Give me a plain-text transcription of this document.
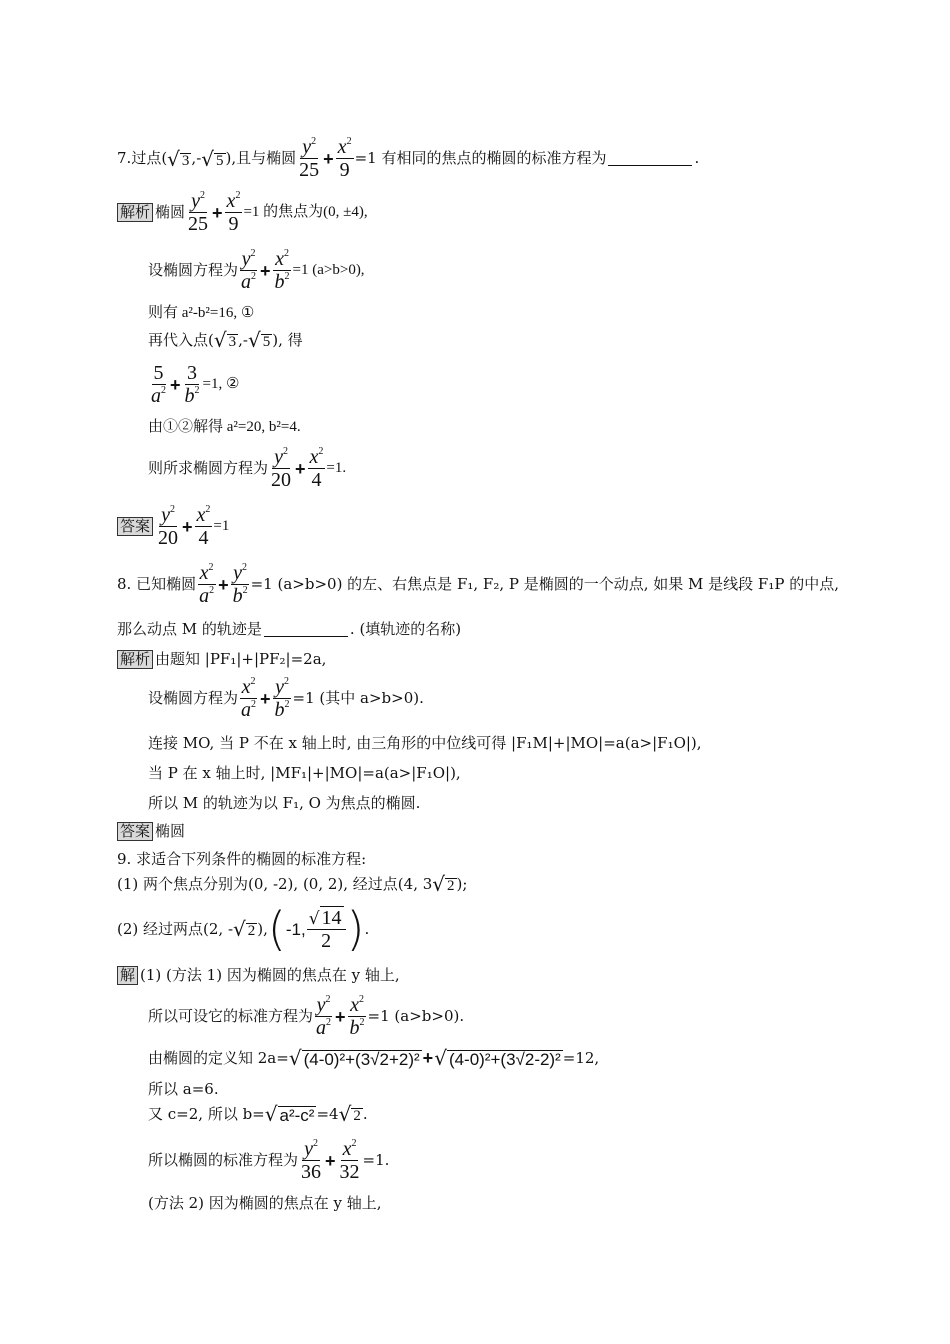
7. 过点( √ 3 , - √ 5 ),且与椭圆 $\frac{y^2}{25} + \frac{x^2}{9} =1$ 有相同的焦点的椭圆的标准方程为	.
解析 椭圆 $\frac{y^2}{25} + \frac{x^2}{9} =1$ 的焦点为(0, ±4),
设椭圆方程为 $\frac{y^2}{a^2} + \frac{x^2}{b^2} =1$ (a>b>0),
则有 a²-b²=16, ①
再代入点( √ 3 , - √ 5 ), 得
$\frac{5}{a^2} + \frac{3}{b^2} =1$, ②
由①②解得 a²=20, b²=4.
则所求椭圆方程为 $\frac{y^2}{20} + \frac{x^2}{4} =1$.
答案 $\frac{y^2}{20} + \frac{x^2}{4} =1$
8. 已知椭圆 $\frac{x^2}{a^2} + \frac{y^2}{b^2} =1$ (a>b>0) 的左、右焦点是 F₁, F₂, P 是椭圆的一个动点, 如果 M 是线段 F₁P 的中点,
那么动点 M 的轨迹是	. (填轨迹的名称)
解析 由题知 |PF₁|+|PF₂|=2a,
设椭圆方程为 $\frac{x^2}{a^2} + \frac{y^2}{b^2} =1$ (其中 a>b>0).
连接 MO, 当 P 不在 x 轴上时, 由三角形的中位线可得 |F₁M|+|MO|=a(a>|F₁O|),
当 P 在 x 轴上时, |MF₁|+|MO|=a(a>|F₁O|),
所以 M 的轨迹为以 F₁, O 为焦点的椭圆.
答案 椭圆
9. 求适合下列条件的椭圆的标准方程:
(1) 两个焦点分别为(0, -2), (0, 2), 经过点(4, 3 √ 2 );
(2) 经过两点(2, - √ 2 ), ( -1, $\frac{√ 14}{2}$ ) .
解 (1) (方法 1) 因为椭圆的焦点在 y 轴上,
所以可设它的标准方程为 $\frac{y^2}{a^2} + \frac{x^2}{b^2} =1$ (a>b>0).
由椭圆的定义知 2a= √ (4-0)²+(3√2+2)² + √ (4-0)²+(3√2-2)² =12,
所以 a=6.
又 c=2, 所以 b= √ a²-c² =4 √ 2 .
所以椭圆的标准方程为 $\frac{y^2}{36} + \frac{x^2}{32} =1$.
(方法 2) 因为椭圆的焦点在 y 轴上,
